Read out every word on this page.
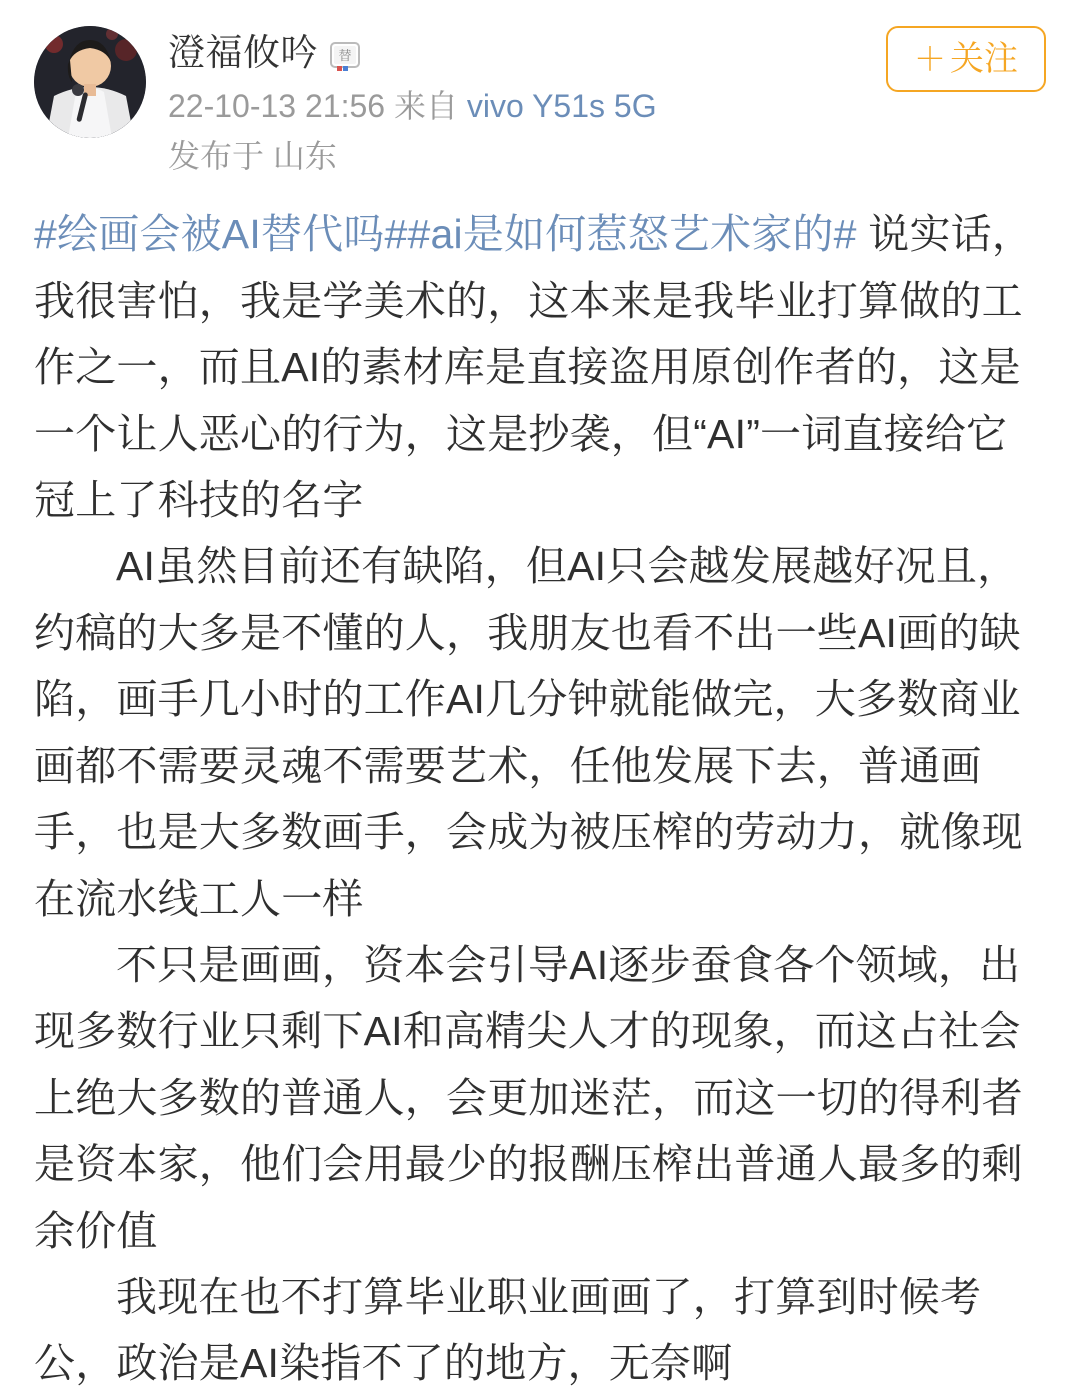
澄福攸吟 替
22-10-13 21:56 来自 vivo Y51s 5G
发布于 山东
＋ 关注

#绘画会被AI替代吗##ai是如何惹怒艺术家的# 说实话，我很害怕，我是学美术的，这本来是我毕业打算做的工作之一，而且AI的素材库是直接盗用原创作者的，这是一个让人恶心的行为，这是抄袭，但“AI”一词直接给它冠上了科技的名字

AI虽然目前还有缺陷，但AI只会越发展越好况且，约稿的大多是不懂的人，我朋友也看不出一些AI画的缺陷，画手几小时的工作AI几分钟就能做完，大多数商业画都不需要灵魂不需要艺术，任他发展下去，普通画手，也是大多数画手，会成为被压榨的劳动力，就像现在流水线工人一样

不只是画画，资本会引导AI逐步蚕食各个领域，出现多数行业只剩下AI和高精尖人才的现象，而这占社会上绝大多数的普通人，会更加迷茫，而这一切的得利者是资本家，他们会用最少的报酬压榨出普通人最多的剩余价值

我现在也不打算毕业职业画画了，打算到时候考公，政治是AI染指不了的地方，无奈啊
